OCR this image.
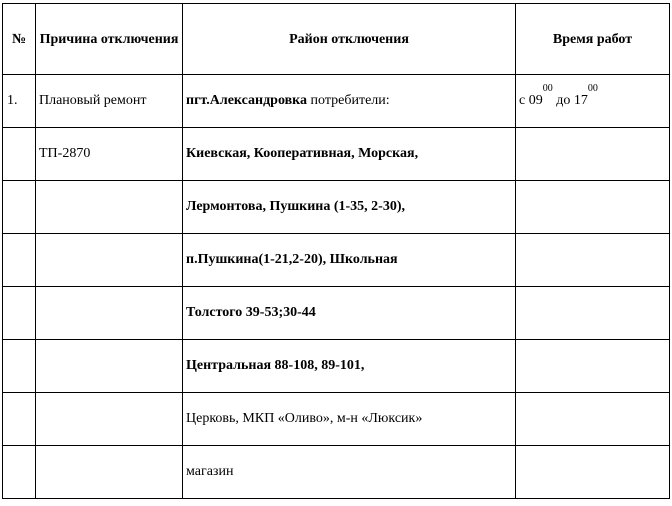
№	Причина отключения	Район отключения	Время работ
1.	Плановый ремонт	пгт.Александровка потребители:	с $09^{00}$ до $17^{00}$
	ТП-2870	Киевская, Кооперативная, Морская,	
		Лермонтова, Пушкина (1-35, 2-30),	
		п.Пушкина(1-21,2-20), Школьная	
		Толстого 39-53;30-44	
		Центральная 88-108, 89-101,	
		Церковь, МКП «Оливо», м-н «Люксик»	
		магазин	
